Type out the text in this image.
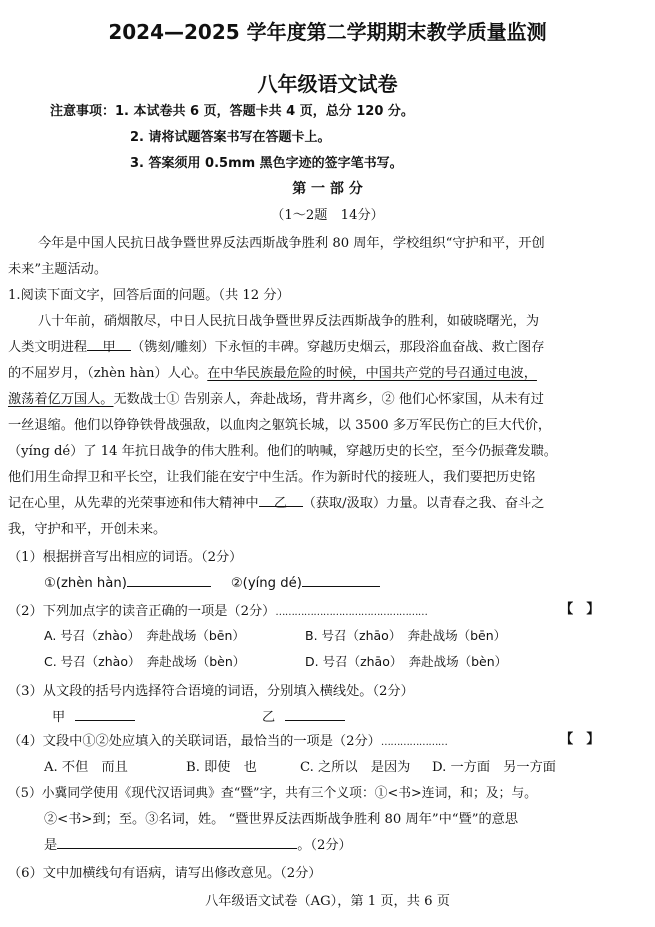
2024—2025 学年度第二学期期末教学质量监测
八年级语文试卷
注意事项：1. 本试卷共 6 页，答题卡共 4 页，总分 120 分。
2. 请将试题答案书写在答题卡上。
3. 答案须用 0.5mm 黑色字迹的签字笔书写。
第 一 部 分
（1～2题　14分）
今年是中国人民抗日战争暨世界反法西斯战争胜利 80 周年，学校组织“守护和平，开创
未来”主题活动。
1.阅读下面文字，回答后面的问题。（共 12 分）
八十年前，硝烟散尽，中日人民抗日战争暨世界反法西斯战争的胜利，如破晓曙光，为
人类文明进程 甲 （镌刻/雕刻）下永恒的丰碑。穿越历史烟云，那段浴血奋战、救亡图存
的不屈岁月，（zhèn hàn）人心。在中华民族最危险的时候，中国共产党的号召通过电波，
激荡着亿万国人。无数战士① 告别亲人，奔赴战场，背井离乡，② 他们心怀家国，从未有过
一丝退缩。他们以铮铮铁骨战强敌，以血肉之躯筑长城，以 3500 多万军民伤亡的巨大代价，
（yíng dé）了 14 年抗日战争的伟大胜利。他们的呐喊，穿越历史的长空，至今仍振聋发聩。
他们用生命捍卫和平长空，让我们能在安宁中生活。作为新时代的接班人，我们要把历史铭
记在心里，从先辈的光荣事迹和伟大精神中 乙 （获取/汲取）力量。以青春之我、奋斗之
我，守护和平，开创未来。
（1）根据拼音写出相应的词语。（2分）
①(zhèn hàn)	②(yíng dé)
（2）下列加点字的读音正确的一项是（2分）…………………………………………	【　】
A. 号召（zhào）　奔赴战场（bēn）	B. 号召（zhāo）　奔赴战场（bēn）
C. 号召（zhào）　奔赴战场（bèn）	D. 号召（zhāo）　奔赴战场（bèn）
（3）从文段的括号内选择符合语境的词语，分别填入横线处。（2分）
甲	乙
（4）文段中①②处应填入的关联词语，最恰当的一项是（2分）…………………	【　】
A. 不但　而且	B. 即使　也	C. 之所以　是因为 D. 一方面　另一方面
（5）小冀同学使用《现代汉语词典》查“暨”字，共有三个义项：①<书>连词，和；及；与。
②<书>到；至。③名词，姓。 “暨世界反法西斯战争胜利 80 周年”中“暨”的意思
是	。（2分）
（6）文中加横线句有语病，请写出修改意见。（2分）
八年级语文试卷（AG），第 1 页，共 6 页
